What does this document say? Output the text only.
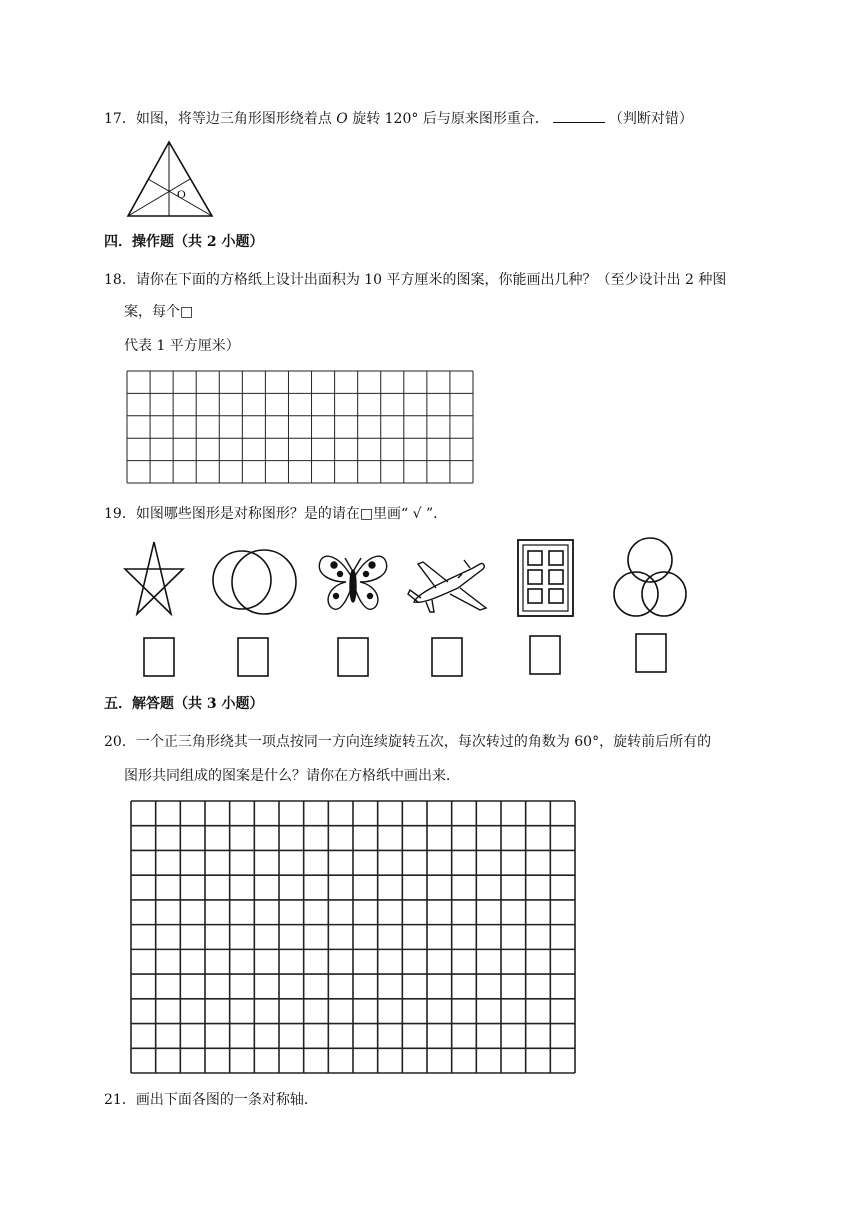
17．如图，将等边三角形图形绕着点 O 旋转 120° 后与原来图形重合．	（判断对错）
O
四．操作题（共 2 小题）
18．请你在下面的方格纸上设计出面积为 10 平方厘米的图案，你能画出几种？（至少设计出 2 种图
案，每个□
代表 1 平方厘米）
19．如图哪些图形是对称图形？是的请在□里画“ √ ”．
五．解答题（共 3 小题）
20．一个正三角形绕其一项点按同一方向连续旋转五次，每次转过的角数为 60°，旋转前后所有的
图形共同组成的图案是什么？请你在方格纸中画出来．
21．画出下面各图的一条对称轴．
